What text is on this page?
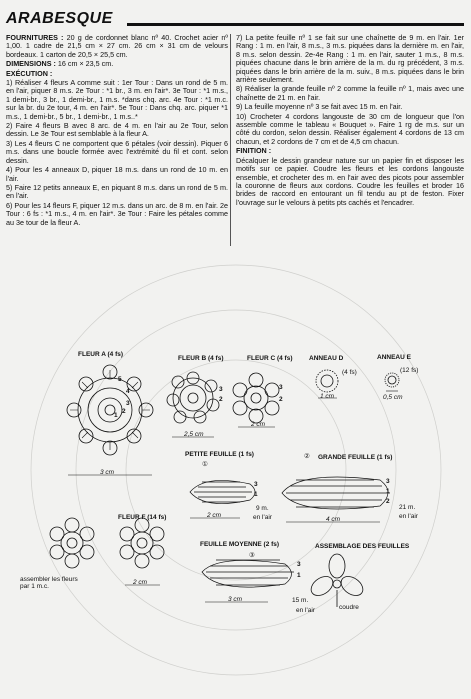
ARABESQUE

FOURNITURES : 20 g de cordonnet blanc nº 40. Crochet acier nº 1,00. 1 cadre de 21,5 cm × 27 cm. 26 cm × 31 cm de velours bordeaux. 1 carton de 20,5 × 25,5 cm.

DIMENSIONS : 16 cm × 23,5 cm.

EXÉCUTION :

1) Réaliser 4 fleurs A comme suit : 1er Tour : Dans un rond de 5 m. en l'air, piquer 8 m.s. 2e Tour : *1 br., 3 m. en l'air*. 3e Tour : *1 m.s., 1 demi-br., 3 br., 1 demi-br., 1 m.s. *dans chq. arc. 4e Tour : *1 m.c. sur la br. du 2e tour, 4 m. en l'air*. 5e Tour : Dans chq. arc. piquer *1 m.s., 1 demi-br., 5 br., 1 demi-br., 1 m.s..*

2) Faire 4 fleurs B avec 8 arc. de 4 m. en l'air au 2e Tour, selon dessin. Le 3e Tour est semblable à la fleur A.

3) Les 4 fleurs C ne comportent que 6 pétales (voir dessin). Piquer 6 m.s. dans une boucle formée avec l'extrémité du fil et cont. selon dessin.

4) Pour les 4 anneaux D, piquer 18 m.s. dans un rond de 10 m. en l'air.

5) Faire 12 petits anneaux E, en piquant 8 m.s. dans un rond de 5 m. en l'air.

6) Pour les 14 fleurs F, piquer 12 m.s. dans un arc. de 8 m. en l'air. 2e Tour : 6 fs : *1 m.s., 4 m. en l'air*. 3e Tour : Faire les pétales comme au 3e tour de la fleur A.

7) La petite feuille nº 1 se fait sur une chaînette de 9 m. en l'air. 1er Rang : 1 m. en l'air, 8 m.s., 3 m.s. piquées dans la dernière m. en l'air, 8 m.s. selon dessin. 2e-4e Rang : 1 m. en l'air, sauter 1 m.s., 8 m.s. piquées chacune dans le brin arrière de la m. du rg précédent, 3 m.s. piquées dans le brin arrière de la m. suiv., 8 m.s. piquées dans le brin arrière seulement.

8) Réaliser la grande feuille nº 2 comme la feuille nº 1, mais avec une chaînette de 21 m. en l'air.

9) La feuille moyenne nº 3 se fait avec 15 m. en l'air.

10) Crocheter 4 cordons langouste de 30 cm de longueur que l'on assemble comme le tableau « Bouquet ». Faire 1 rg de m.s. sur un côté du cordon, selon dessin. Réaliser également 4 cordons de 13 cm chacun, et 2 cordons de 7 cm et de 4,5 cm chacun.

FINITION :

Décalquer le dessin grandeur nature sur un papier fin et disposer les motifs sur ce papier. Coudre les fleurs et les cordons langouste ensemble, et crocheter des m. en l'air avec des picots pour assembler la couronne de fleurs aux cordons. Coudre les feuilles et broder 16 brides de raccord en entourant un fil tendu au pt de feston. Fixer l'ouvrage sur le velours à petits pts cachés et l'encadrer.

FLEUR A (4 fs)
FLEUR B (4 fs)	FLEUR C (4 fs)	ANNEAU D
(4 fs)
ANNEAU E
(12 fs)
5
4
3
2
1
3
2
3
2
3 cm
2,5 cm
2 cm
1 cm	0,5 cm
PETITE FEUILLE (1 fs)
①
② GRANDE FEUILLE (1 fs)
3
1
3
1
2
2 cm
9 m.
en l'air	4 cm
21 m.
en l'air
FLEUR F (14 fs)
FEUILLE MOYENNE (2 fs)
③
ASSEMBLAGE DES FEUILLES
3
1
assembler les fleurs par 1 m.c.
2 cm
3 cm	15 m.
en l'air	coudre
